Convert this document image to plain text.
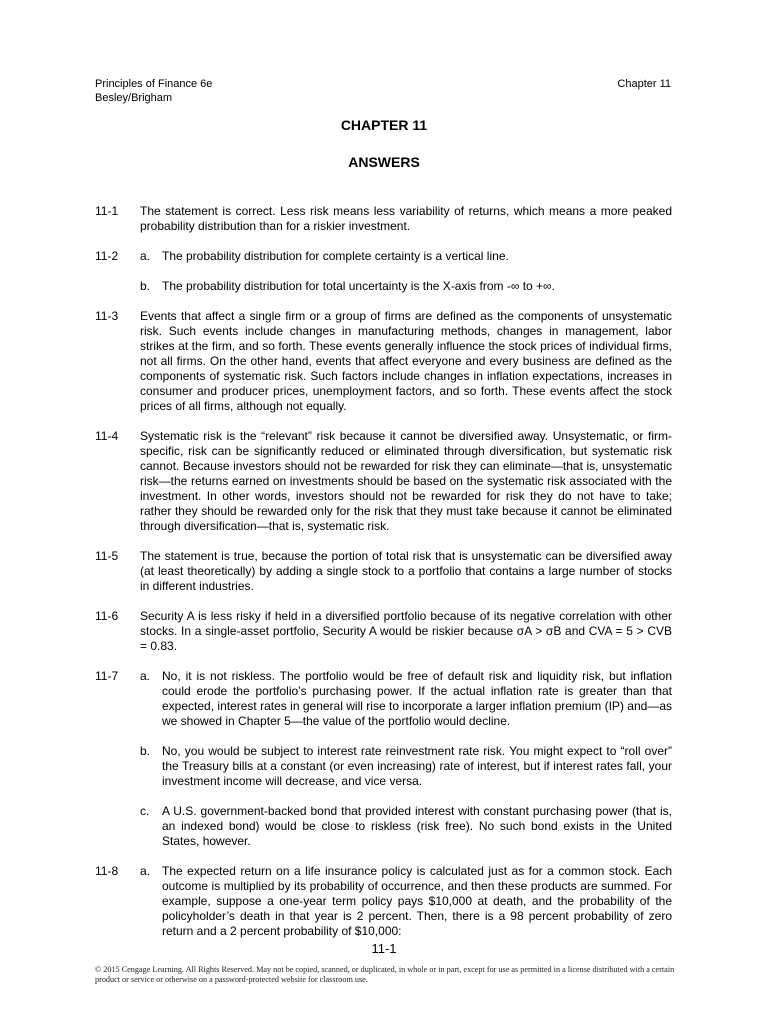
Principles of Finance 6e
Besley/Brigham
Chapter 11
CHAPTER 11
ANSWERS
11-1	The statement is correct. Less risk means less variability of returns, which means a more peaked probability distribution than for a riskier investment.

11-2	a. The probability distribution for complete certainty is a vertical line.

b. The probability distribution for total uncertainty is the X-axis from -∞ to +∞.

11-3	Events that affect a single firm or a group of firms are defined as the components of unsystematic risk. Such events include changes in manufacturing methods, changes in management, labor strikes at the firm, and so forth. These events generally influence the stock prices of individual firms, not all firms. On the other hand, events that affect everyone and every business are defined as the components of systematic risk. Such factors include changes in inflation expectations, increases in consumer and producer prices, unemployment factors, and so forth. These events affect the stock prices of all firms, although not equally.

11-4	Systematic risk is the “relevant” risk because it cannot be diversified away. Unsystematic, or firm-specific, risk can be significantly reduced or eliminated through diversification, but systematic risk cannot. Because investors should not be rewarded for risk they can eliminate—that is, unsystematic risk—the returns earned on investments should be based on the systematic risk associated with the investment. In other words, investors should not be rewarded for risk they do not have to take; rather they should be rewarded only for the risk that they must take because it cannot be eliminated through diversification—that is, systematic risk.

11-5	The statement is true, because the portion of total risk that is unsystematic can be diversified away (at least theoretically) by adding a single stock to a portfolio that contains a large number of stocks in different industries.

11-6	Security A is less risky if held in a diversified portfolio because of its negative correlation with other stocks. In a single-asset portfolio, Security A would be riskier because σA > σB and CVA = 5 > CVB = 0.83.

11-7	a. No, it is not riskless. The portfolio would be free of default risk and liquidity risk, but inflation could erode the portfolio’s purchasing power. If the actual inflation rate is greater than that expected, interest rates in general will rise to incorporate a larger inflation premium (IP) and—as we showed in Chapter 5—the value of the portfolio would decline.

b. No, you would be subject to interest rate reinvestment rate risk. You might expect to “roll over” the Treasury bills at a constant (or even increasing) rate of interest, but if interest rates fall, your investment income will decrease, and vice versa.

c.	A U.S. government-backed bond that provided interest with constant purchasing power (that is, an indexed bond) would be close to riskless (risk free). No such bond exists in the United States, however.

11-8	a. The expected return on a life insurance policy is calculated just as for a common stock. Each outcome is multiplied by its probability of occurrence, and then these products are summed. For example, suppose a one-year term policy pays $10,000 at death, and the probability of the policyholder’s death in that year is 2 percent. Then, there is a 98 percent probability of zero return and a 2 percent probability of $10,000:

11-1
© 2015 Cengage Learning. All Rights Reserved. May not be copied, scanned, or duplicated, in whole or in part, except for use as permitted in a license distributed with a certain product or service or otherwise on a password-protected website for classroom use.
